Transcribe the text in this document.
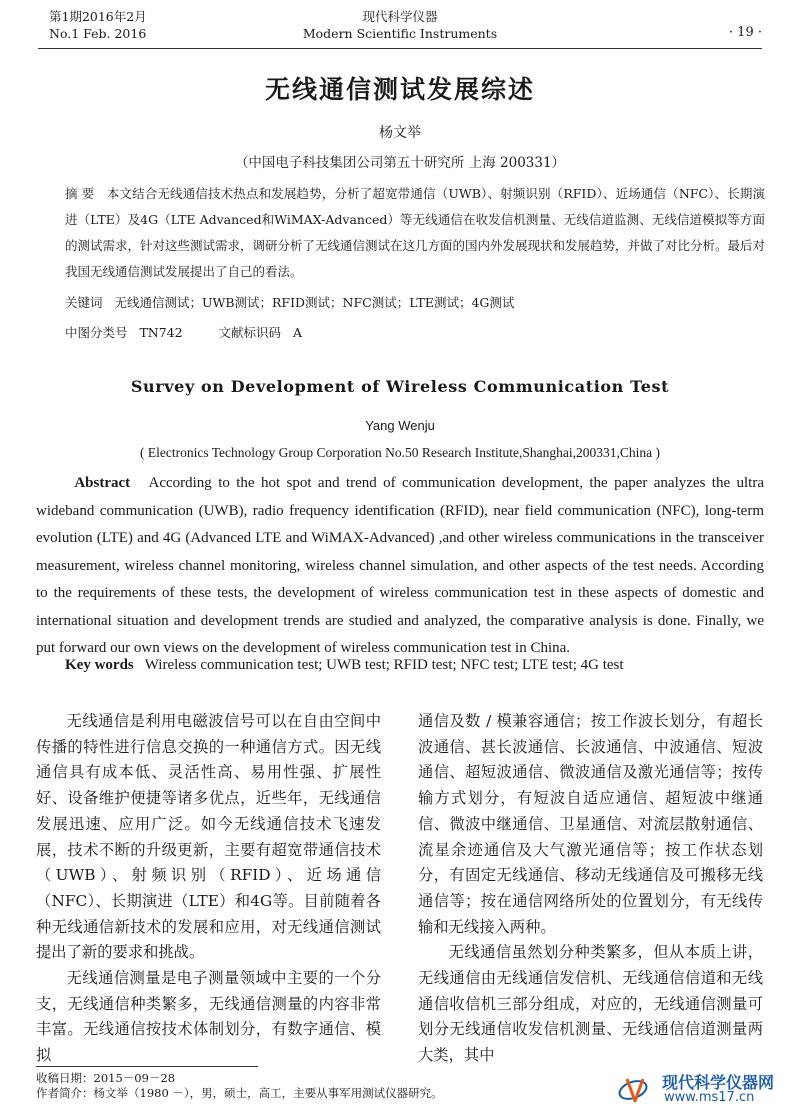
第1期2016年2月
No.1 Feb. 2016
现代科学仪器
Modern Scientific Instruments	· 19 ·
无线通信测试发展综述
杨文举
（中国电子科技集团公司第五十研究所 上海 200331）
摘 要 本文结合无线通信技术热点和发展趋势，分析了超宽带通信（UWB）、射频识别（RFID）、近场通信（NFC）、长期演进（LTE）及4G（LTE Advanced和WiMAX-Advanced）等无线通信在收发信机测量、无线信道监测、无线信道模拟等方面的测试需求，针对这些测试需求，调研分析了无线通信测试在这几方面的国内外发展现状和发展趋势，并做了对比分析。最后对我国无线通信测试发展提出了自己的看法。
关键词 无线通信测试；UWB测试；RFID测试；NFC测试；LTE测试；4G测试
中图分类号 TN742	文献标识码 A
Survey on Development of Wireless Communication Test
Yang Wenju
( Electronics Technology Group Corporation No.50 Research Institute,Shanghai,200331,China )
Abstract According to the hot spot and trend of communication development, the paper analyzes the ultra wideband communication (UWB), radio frequency identification (RFID), near field communication (NFC), long-term evolution (LTE) and 4G (Advanced LTE and WiMAX-Advanced) ,and other wireless communications in the transceiver measurement, wireless channel monitoring, wireless channel simulation, and other aspects of the test needs. According to the requirements of these tests, the development of wireless communication test in these aspects of domestic and international situation and development trends are studied and analyzed, the comparative analysis is done. Finally, we put forward our own views on the development of wireless communication test in China.
Key words Wireless communication test; UWB test; RFID test; NFC test; LTE test; 4G test

无线通信是利用电磁波信号可以在自由空间中传播的特性进行信息交换的一种通信方式。因无线通信具有成本低、灵活性高、易用性强、扩展性好、设备维护便捷等诸多优点，近些年，无线通信发展迅速、应用广泛。如今无线通信技术飞速发展，技术不断的升级更新，主要有超宽带通信技术（UWB）、射频识别（RFID）、近场通信（NFC）、长期演进（LTE）和4G等。目前随着各种无线通信新技术的发展和应用，对无线通信测试提出了新的要求和挑战。

无线通信测量是电子测量领域中主要的一个分支，无线通信种类繁多，无线通信测量的内容非常丰富。无线通信按技术体制划分，有数字通信、模拟

通信及数 / 模兼容通信；按工作波长划分，有超长波通信、甚长波通信、长波通信、中波通信、短波通信、超短波通信、微波通信及激光通信等；按传输方式划分，有短波自适应通信、超短波中继通信、微波中继通信、卫星通信、对流层散射通信、流星余迹通信及大气激光通信等；按工作状态划分，有固定无线通信、移动无线通信及可搬移无线通信等；按在通信网络所处的位置划分，有无线传输和无线接入两种。

无线通信虽然划分种类繁多，但从本质上讲，无线通信由无线通信发信机、无线通信信道和无线通信收信机三部分组成，对应的，无线通信测量可划分无线通信收发信机测量、无线通信信道测量两大类，其中

收稿日期：2015－09－28
作者简介：杨文举（1980 －），男，硕士，高工，主要从事军用测试仪器研究。
现代科学仪器网
www.ms17.cn
